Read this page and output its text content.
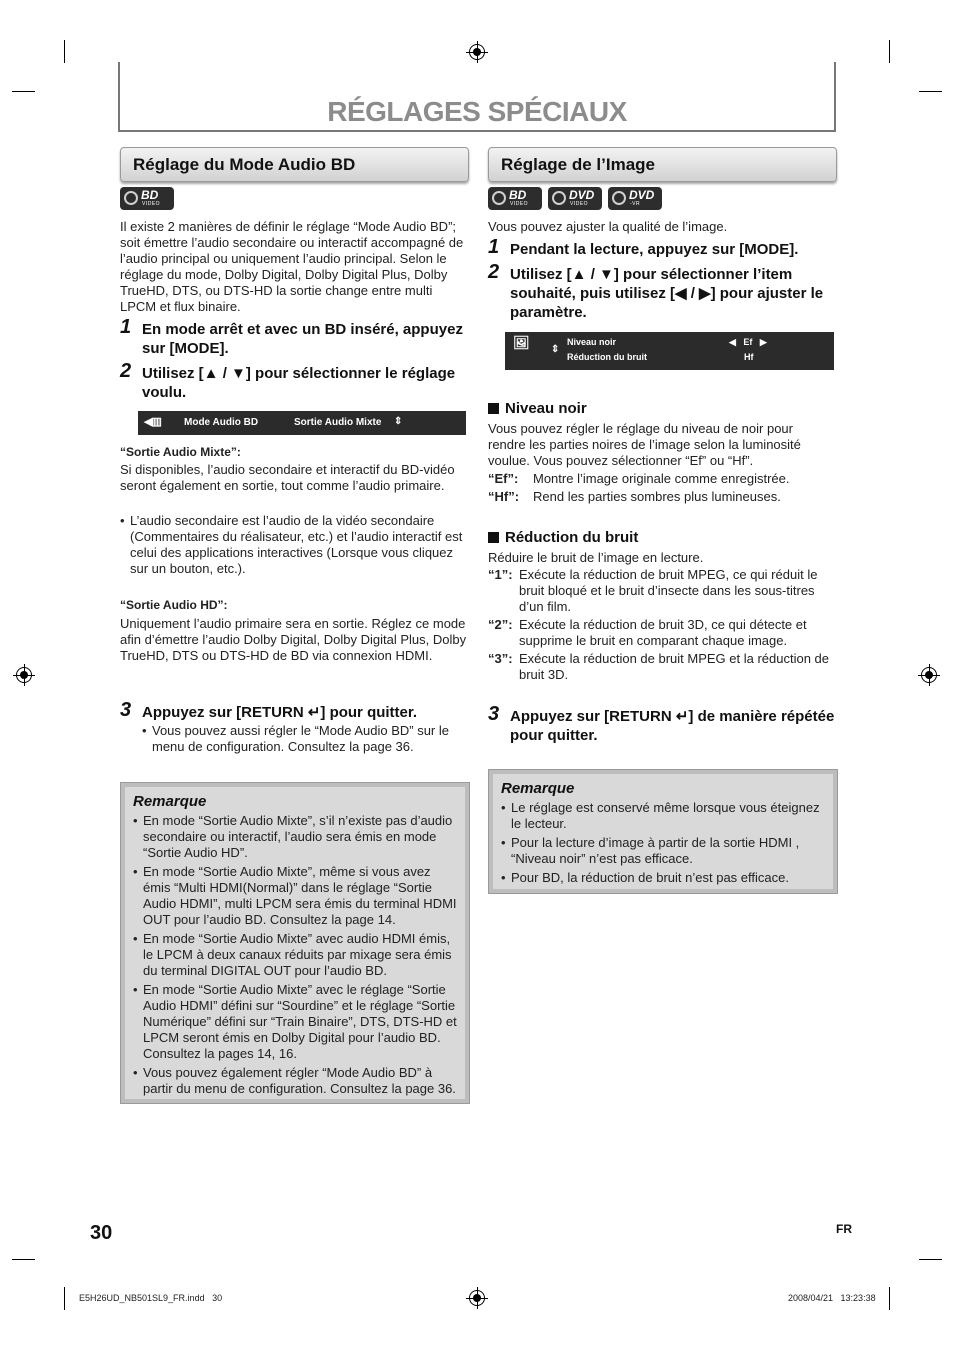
RÉGLAGES SPÉCIAUX
Réglage du Mode Audio BD
BD
VIDEO
Il existe 2 manières de définir le réglage “Mode Audio BD”; soit émettre l’audio secondaire ou interactif accompagné de l’audio principal ou uniquement l’audio principal. Selon le réglage du mode, Dolby Digital, Dolby Digital Plus, Dolby TrueHD, DTS, ou DTS-HD la sortie change entre multi LPCM et flux binaire.
1 En mode arrêt et avec un BD inséré, appuyez sur [MODE].
2 Utilisez [▲ / ▼] pour sélectionner le réglage voulu.
◀▥ Mode Audio BD	Sortie Audio Mixte ⇕
“Sortie Audio Mixte”:
Si disponibles, l’audio secondaire et interactif du BD-vidéo seront également en sortie, tout comme l’audio primaire.
• L’audio secondaire est l’audio de la vidéo secondaire (Commentaires du réalisateur, etc.) et l’audio interactif est celui des applications interactives (Lorsque vous cliquez sur un bouton, etc.).
“Sortie Audio HD”:
Uniquement l’audio primaire sera en sortie. Réglez ce mode afin d’émettre l’audio Dolby Digital, Dolby Digital Plus, Dolby TrueHD, DTS ou DTS-HD de BD via connexion HDMI.
3 Appuyez sur [RETURN ↵] pour quitter.
• Vous pouvez aussi régler le “Mode Audio BD” sur le menu de configuration. Consultez la page 36.
Remarque
• En mode “Sortie Audio Mixte”, s’il n’existe pas d’audio secondaire ou interactif, l’audio sera émis en mode “Sortie Audio HD”.
• En mode “Sortie Audio Mixte”, même si vous avez émis “Multi HDMI(Normal)” dans le réglage “Sortie Audio HDMI”, multi LPCM sera émis du terminal HDMI OUT pour l’audio BD. Consultez la page 14.
• En mode “Sortie Audio Mixte” avec audio HDMI émis, le LPCM à deux canaux réduits par mixage sera émis du terminal DIGITAL OUT pour l’audio BD.
• En mode “Sortie Audio Mixte” avec le réglage “Sortie Audio HDMI” défini sur “Sourdine” et le réglage “Sortie Numérique” défini sur “Train Binaire”, DTS, DTS-HD et LPCM seront émis en Dolby Digital pour l’audio BD. Consultez la pages 14, 16.
• Vous pouvez également régler “Mode Audio BD” à partir du menu de configuration. Consultez la page 36.
Réglage de l’Image
BD
VIDEO
DVD
VIDEO
DVD
-VR
Vous pouvez ajuster la qualité de l’image.
1 Pendant la lecture, appuyez sur [MODE].
2 Utilisez [▲ / ▼] pour sélectionner l’item souhaité, puis utilisez [◀ / ▶] pour ajuster le paramètre.
🖼 ⇕
Niveau noir	◀   Ef   ▶
Réduction du bruit	Hf
Niveau noir
Vous pouvez régler le réglage du niveau de noir pour rendre les parties noires de l’image selon la luminosité voulue. Vous pouvez sélectionner “Ef” ou “Hf”.
“Ef”: Montre l’image originale comme enregistrée.
“Hf”: Rend les parties sombres plus lumineuses.
Réduction du bruit
Réduire le bruit de l’image en lecture.
“1”: Exécute la réduction de bruit MPEG, ce qui réduit le bruit bloqué et le bruit d’insecte dans les sous-titres d’un film.
“2”: Exécute la réduction de bruit 3D, ce qui détecte et supprime le bruit en comparant chaque image.
“3”: Exécute la réduction de bruit MPEG et la réduction de bruit 3D.
3 Appuyez sur [RETURN ↵] de manière répétée pour quitter.
Remarque
• Le réglage est conservé même lorsque vous éteignez le lecteur.
• Pour la lecture d’image à partir de la sortie HDMI , “Niveau noir” n’est pas efficace.
• Pour BD, la réduction de bruit n’est pas efficace.
30	FR
E5H26UD_NB501SL9_FR.indd   30	2008/04/21   13:23:38
